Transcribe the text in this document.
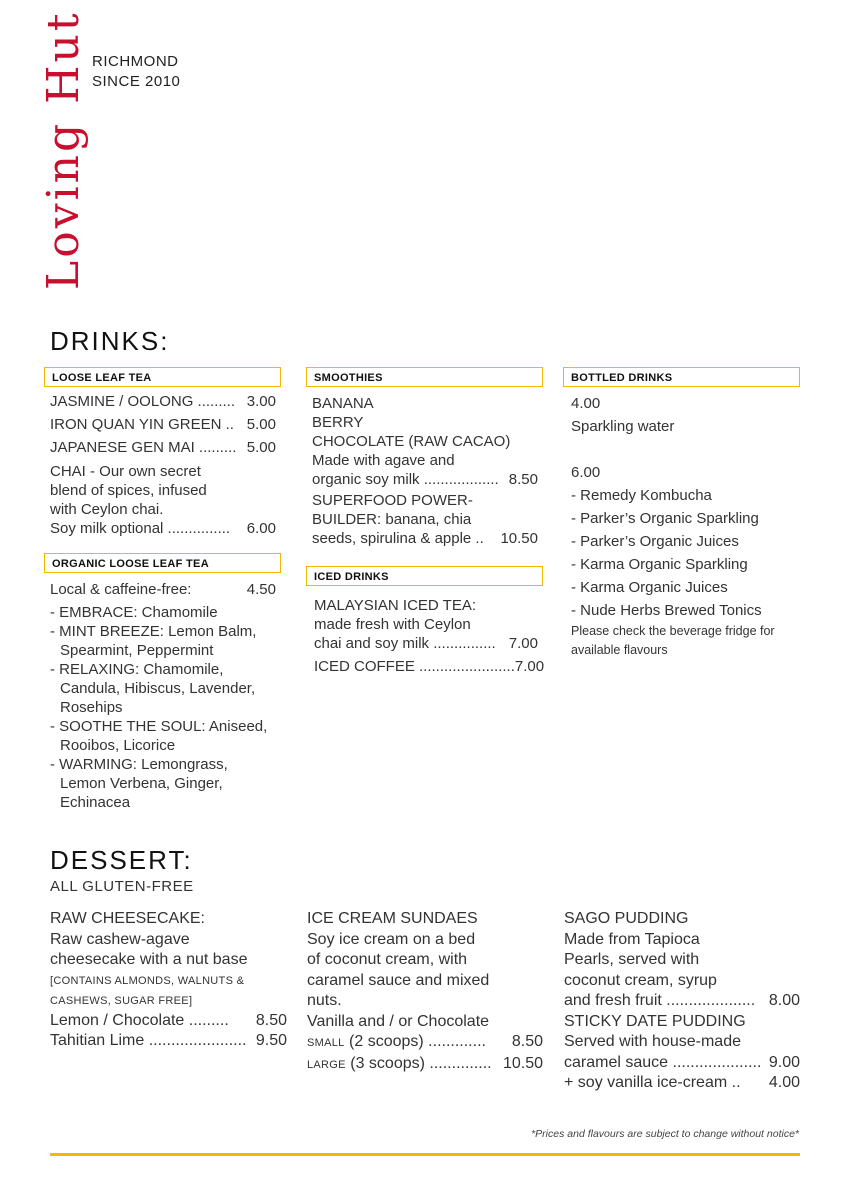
Loving Hut RICHMOND
SINCE 2010
DRINKS:
LOOSE LEAF TEA
JASMINE / OOLONG ......... 3.00
IRON QUAN YIN GREEN .. 5.00
JAPANESE GEN MAI ......... 5.00
CHAI - Our own secret
blend of spices, infused
with Ceylon chai.
Soy milk optional ............... 6.00
ORGANIC LOOSE LEAF TEA
Local & caffeine-free:	4.50
- EMBRACE: Chamomile
- MINT BREEZE: Lemon Balm,
Spearmint, Peppermint
- RELAXING: Chamomile,
Candula, Hibiscus, Lavender,
Rosehips
- SOOTHE THE SOUL: Aniseed,
Rooibos, Licorice
- WARMING: Lemongrass,
Lemon Verbena, Ginger,
Echinacea
SMOOTHIES
BANANA
BERRY
CHOCOLATE (RAW CACAO)
Made with agave and
organic soy milk .................. 8.50
SUPERFOOD POWER-
BUILDER: banana, chia
seeds, spirulina & apple .. 10.50
ICED DRINKS
MALAYSIAN ICED TEA:
made fresh with Ceylon
chai and soy milk ............... 7.00
ICED COFFEE ....................... 7.00
BOTTLED DRINKS
4.00
Sparkling water
6.00
- Remedy Kombucha
- Parker’s Organic Sparkling
- Parker’s Organic Juices
- Karma Organic Sparkling
- Karma Organic Juices
- Nude Herbs Brewed Tonics
Please check the beverage fridge for
available flavours
DESSERT:
ALL GLUTEN-FREE
RAW CHEESECAKE:
Raw cashew-agave
cheesecake with a nut base
[CONTAINS ALMONDS, WALNUTS &
CASHEWS, SUGAR FREE]
Lemon / Chocolate ......... 8.50
Tahitian Lime ...................... 9.50
ICE CREAM SUNDAES
Soy ice cream on a bed
of coconut cream, with
caramel sauce and mixed
nuts.
Vanilla and / or Chocolate
SMALL (2 scoops) ............. 8.50
LARGE (3 scoops) .............. 10.50
SAGO PUDDING
Made from Tapioca
Pearls, served with
coconut cream, syrup
and fresh fruit .................... 8.00
STICKY DATE PUDDING
Served with house-made
caramel sauce .................... 9.00
+ soy vanilla ice-cream .. 4.00
*Prices and flavours are subject to change without notice*
